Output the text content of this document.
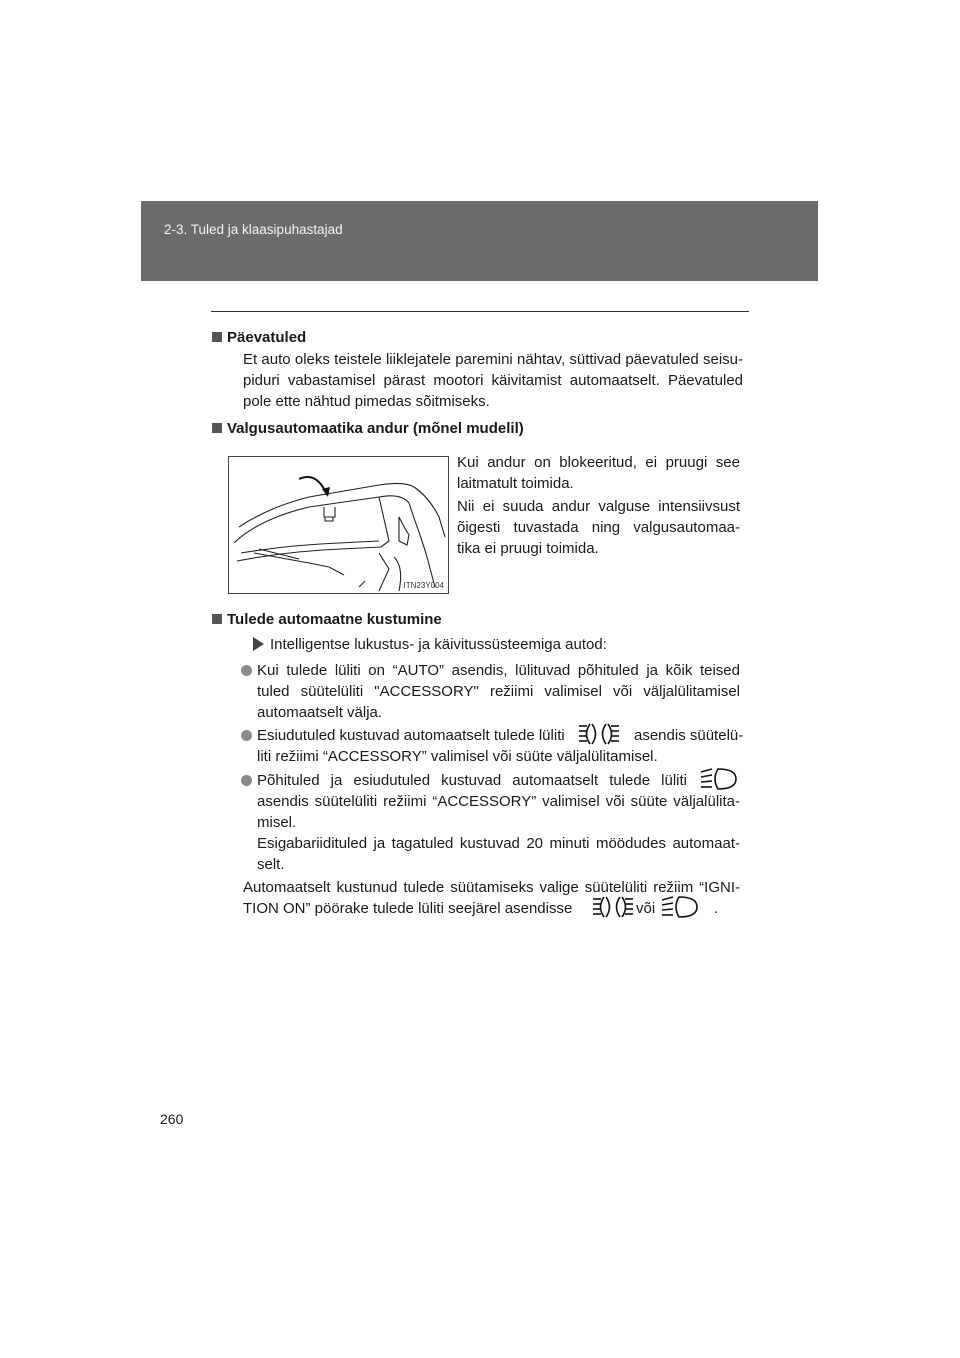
2-3. Tuled ja klaasipuhastajad
Päevatuled
Et auto oleks teistele liiklejatele paremini nähtav, süttivad päevatuled seisu-
piduri vabastamisel pärast mootori käivitamist automaatselt. Päevatuled
pole ette nähtud pimedas sõitmiseks.
Valgusautomaatika andur (mõnel mudelil)
ITN23Y004
Kui andur on blokeeritud, ei pruugi see
laitmatult toimida.
Nii ei suuda andur valguse intensiivsust
õigesti tuvastada ning valgusautomaa-
tika ei pruugi toimida.
Tulede automaatne kustumine
Intelligentse lukustus- ja käivitussüsteemiga autod:
Kui tulede lüliti on “AUTO” asendis, lülituvad põhituled ja kõik teised
tuled süütelüliti "ACCESSORY" režiimi valimisel või väljalülitamisel
automaatselt välja.
Esiudutuled kustuvad automaatselt tulede lüliti	asendis süütelü-
liti režiimi “ACCESSORY” valimisel või süüte väljalülitamisel.
Põhituled ja esiudutuled kustuvad automaatselt tulede lüliti
asendis süütelüliti režiimi “ACCESSORY” valimisel või süüte väljalülita-
misel.
Esigabariidituled ja tagatuled kustuvad 20 minuti möödudes automaat-
selt.
Automaatselt kustunud tulede süütamiseks valige süütelüliti režiim “IGNI-
TION ON” pöörake tulede lüliti seejärel asendisse	või	.
260
